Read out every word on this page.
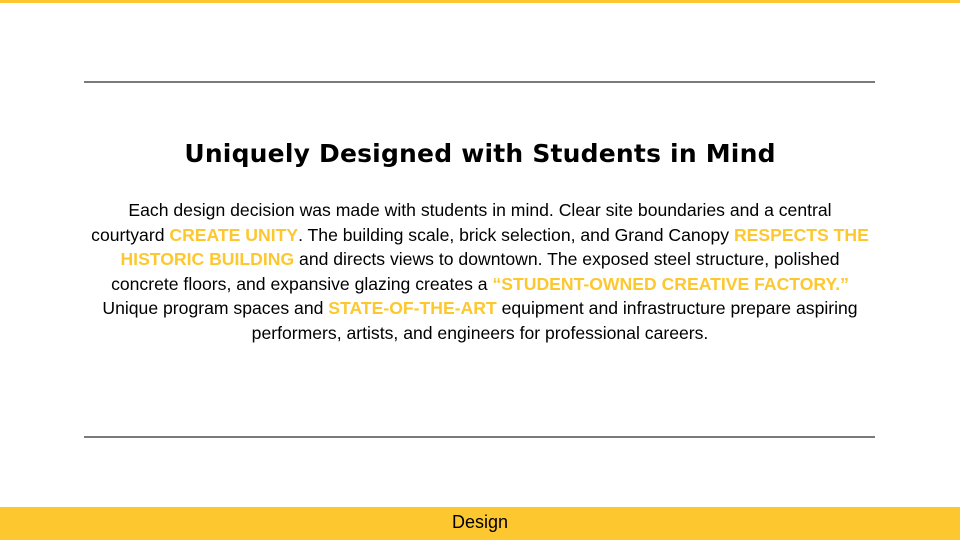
Uniquely Designed with Students in Mind

Each design decision was made with students in mind. Clear site boundaries and a central courtyard CREATE UNITY. The building scale, brick selection, and Grand Canopy RESPECTS THE HISTORIC BUILDING and directs views to downtown. The exposed steel structure, polished concrete floors, and expansive glazing creates a “STUDENT-OWNED CREATIVE FACTORY.” Unique program spaces and STATE-OF-THE-ART equipment and infrastructure prepare aspiring performers, artists, and engineers for professional careers.

Design
